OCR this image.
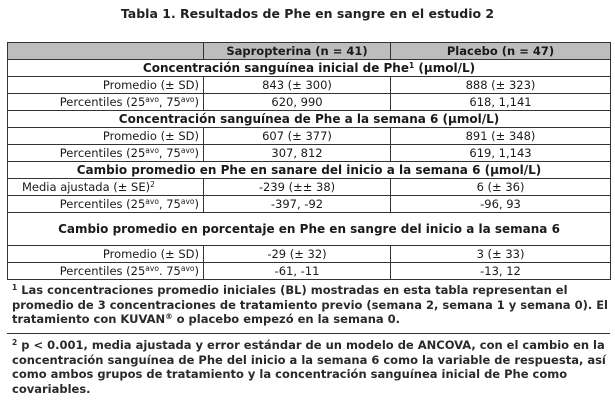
Tabla 1. Resultados de Phe en sangre en el estudio 2
	Sapropterina (n = 41)	Placebo (n = 47)
Concentración sanguínea inicial de Phe$^1$ (µmol/L)		
Promedio (± SD)	843 (± 300)	888 (± 323)
Percentiles ($25^{avo}$, $75^{avo}$)	620, 990	618, 1,141
Concentración sanguínea de Phe a la semana 6 (µmol/L)		
Promedio (± SD)	607 (± 377)	891 (± 348)
Percentiles ($25^{avo}$, $75^{avo}$)	307, 812	619, 1,143
Cambio promedio en Phe en sanare del inicio a la semana 6 (µmol/L)		
Media ajustada (± SE)$^2$	-239 (±± 38)	6 (± 36)
Percentiles ($25^{avo}$, $75^{avo}$)	-397, -92	-96, 93
Cambio promedio en porcentaje en Phe en sangre del inicio a la semana 6		
Promedio (± SD)	-29 (± 32)	3 (± 33)
Percentiles ($25^{avo}$. $75^{avo}$)	-61, -11	-13, 12
$^1$ Las concentraciones promedio iniciales (BL) mostradas en esta tabla representan el promedio de 3 concentraciones de tratamiento previo (semana 2, semana 1 y semana 0). El tratamiento con KUVAN® o placebo empezó en la semana 0.
$^2$ p < 0.001, media ajustada y error estándar de un modelo de ANCOVA, con el cambio en la concentración sanguínea de Phe del inicio a la semana 6 como la variable de respuesta, así como ambos grupos de tratamiento y la concentración sanguínea inicial de Phe como covariables.
